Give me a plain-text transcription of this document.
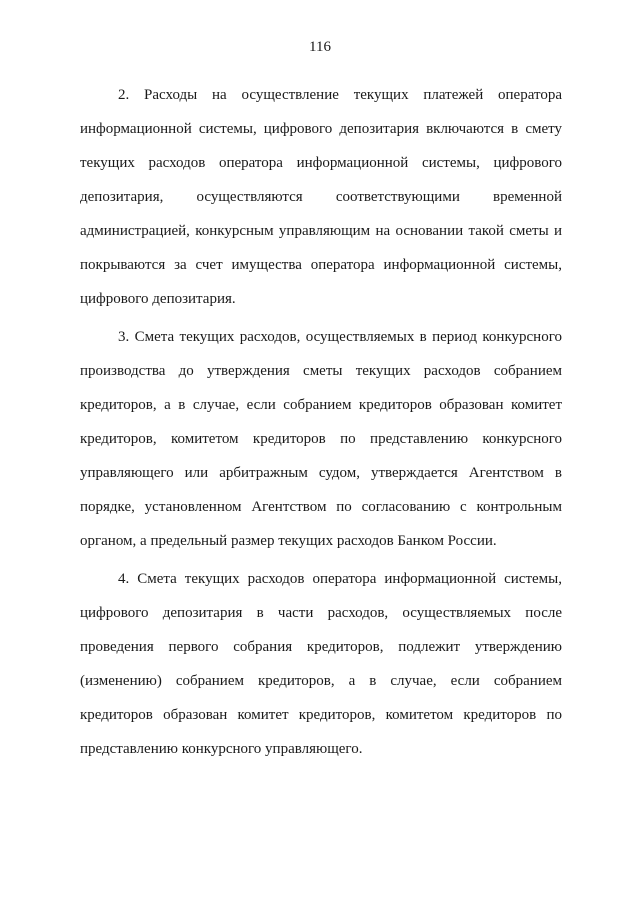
116
2. Расходы на осуществление текущих платежей оператора
информационной системы, цифрового депозитария включаются в смету
текущих расходов оператора информационной системы, цифрового
депозитария, осуществляются соответствующими временной
администрацией, конкурсным управляющим на основании такой сметы и
покрываются за счет имущества оператора информационной системы,
цифрового депозитария.
3. Смета текущих расходов, осуществляемых в период конкурсного
производства до утверждения сметы текущих расходов собранием
кредиторов, а в случае, если собранием кредиторов образован комитет
кредиторов, комитетом кредиторов по представлению конкурсного
управляющего или арбитражным судом, утверждается Агентством в
порядке, установленном Агентством по согласованию с контрольным
органом, а предельный размер текущих расходов Банком России.
4. Смета текущих расходов оператора информационной системы,
цифрового депозитария в части расходов, осуществляемых после
проведения первого собрания кредиторов, подлежит утверждению
(изменению) собранием кредиторов, а в случае, если собранием
кредиторов образован комитет кредиторов, комитетом кредиторов по
представлению конкурсного управляющего.
